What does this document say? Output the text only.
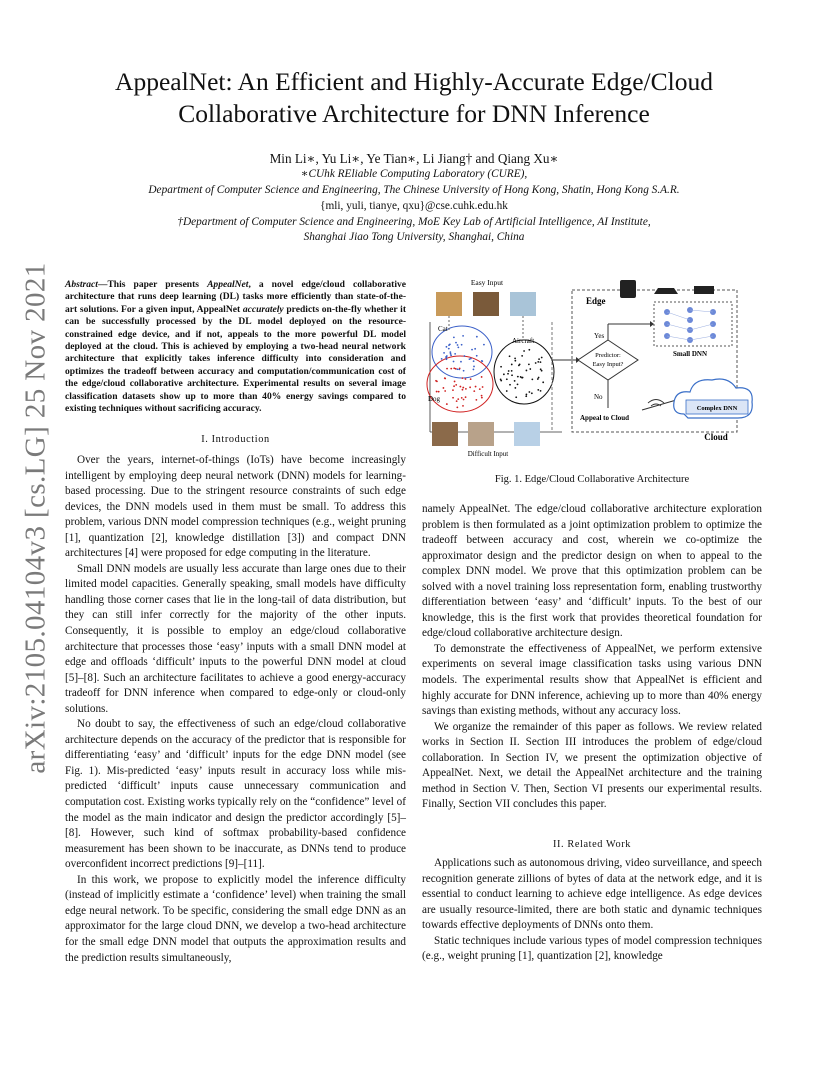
arXiv:2105.04104v3 [cs.LG] 25 Nov 2021
AppealNet: An Efficient and Highly-Accurate Edge/Cloud Collaborative Architecture for DNN Inference
Min Li∗, Yu Li∗, Ye Tian∗, Li Jiang† and Qiang Xu∗
∗CUhk REliable Computing Laboratory (CURE),
Department of Computer Science and Engineering, The Chinese University of Hong Kong, Shatin, Hong Kong S.A.R.
{mli, yuli, tianye, qxu}@cse.cuhk.edu.hk
†Department of Computer Science and Engineering, MoE Key Lab of Artificial Intelligence, AI Institute,
Shanghai Jiao Tong University, Shanghai, China
Abstract—This paper presents AppealNet, a novel edge/cloud collaborative architecture that runs deep learning (DL) tasks more efficiently than state-of-the-art solutions. For a given input, AppealNet accurately predicts on-the-fly whether it can be successfully processed by the DL model deployed on the resource-constrained edge device, and if not, appeals to the more powerful DL model deployed at the cloud. This is achieved by employing a two-head neural network architecture that explicitly takes inference difficulty into consideration and optimizes the tradeoff between accuracy and computation/communication cost of the edge/cloud collaborative architecture. Experimental results on several image classification datasets show up to more than 40% energy savings compared to existing techniques without sacrificing accuracy.
I. Introduction

Over the years, internet-of-things (IoTs) have become increasingly intelligent by employing deep neural network (DNN) models for learning-based processing. Due to the stringent resource constraints of such edge devices, the DNN models used in them must be small. To address this problem, various DNN model compression techniques (e.g., weight pruning [1], quantization [2], knowledge distillation [3]) and compact DNN architectures [4] were proposed for edge computing in the literature.

Small DNN models are usually less accurate than large ones due to their limited model capacities. Generally speaking, small models have difficulty handling those corner cases that lie in the long-tail of data distribution, but they can still infer correctly for the majority of the other inputs. Consequently, it is possible to employ an edge/cloud collaborative architecture that processes those ‘easy’ inputs with a small DNN model at edge and offloads ‘difficult’ inputs to the powerful DNN model at cloud [5]–[8]. Such an architecture facilitates to achieve a good energy-accuracy tradeoff for DNN inference when compared to edge-only or cloud-only solutions.

No doubt to say, the effectiveness of such an edge/cloud collaborative architecture depends on the accuracy of the predictor that is responsible for differentiating ‘easy’ and ‘difficult’ inputs for the edge DNN model (see Fig. 1). Mis-predicted ‘easy’ inputs result in accuracy loss while mis-predicted ‘difficult’ inputs cause unnecessary communication and computation cost. Existing works typically rely on the “confidence” level of the model as the main indicator and design the predictor accordingly [5]–[8]. However, such kind of softmax probability-based confidence measurement has been shown to be inaccurate, as DNNs tend to produce overconfident incorrect predictions [9]–[11].

In this work, we propose to explicitly model the inference difficulty (instead of implicitly estimate a ‘confidence’ level) when training the small edge neural network. To be specific, considering the small edge DNN as an approximator for the large cloud DNN, we develop a two-head architecture for the small edge DNN model that outputs the approximation results and the prediction results simultaneously,

Easy Input
Cat
Dog
Aircraft
Difficult Input
Edge
Small DNN
Predictor:
Easy Input?
Yes
No
Appeal to Cloud
Complex DNN
Cloud
Fig. 1. Edge/Cloud Collaborative Architecture

namely AppealNet. The edge/cloud collaborative architecture exploration problem is then formulated as a joint optimization problem to optimize the tradeoff between accuracy and cost, wherein we co-optimize the approximator design and the predictor design on when to appeal to the complex DNN model. We prove that this optimization problem can be solved with a novel training loss representation form, enabling trustworthy differentiation between ‘easy’ and ‘difficult’ inputs. To the best of our knowledge, this is the first work that provides theoretical foundation for edge/cloud collaborative architecture design.

To demonstrate the effectiveness of AppealNet, we perform extensive experiments on several image classification tasks using various DNN models. The experimental results show that AppealNet is efficient and highly accurate for DNN inference, achieving up to more than 40% energy savings than existing methods, without any accuracy loss.

We organize the remainder of this paper as follows. We review related works in Section II. Section III introduces the problem of edge/cloud collaboration. In Section IV, we present the optimization objective of AppealNet. Next, we detail the AppealNet architecture and the training method in Section V. Then, Section VI presents our experimental results. Finally, Section VII concludes this paper.

II. Related Work

Applications such as autonomous driving, video surveillance, and speech recognition generate zillions of bytes of data at the network edge, and it is essential to conduct learning to achieve edge intelligence. As edge devices are usually resource-limited, there are both static and dynamic techniques towards effective deployments of DNNs onto them.

Static techniques include various types of model compression techniques (e.g., weight pruning [1], quantization [2], knowledge
